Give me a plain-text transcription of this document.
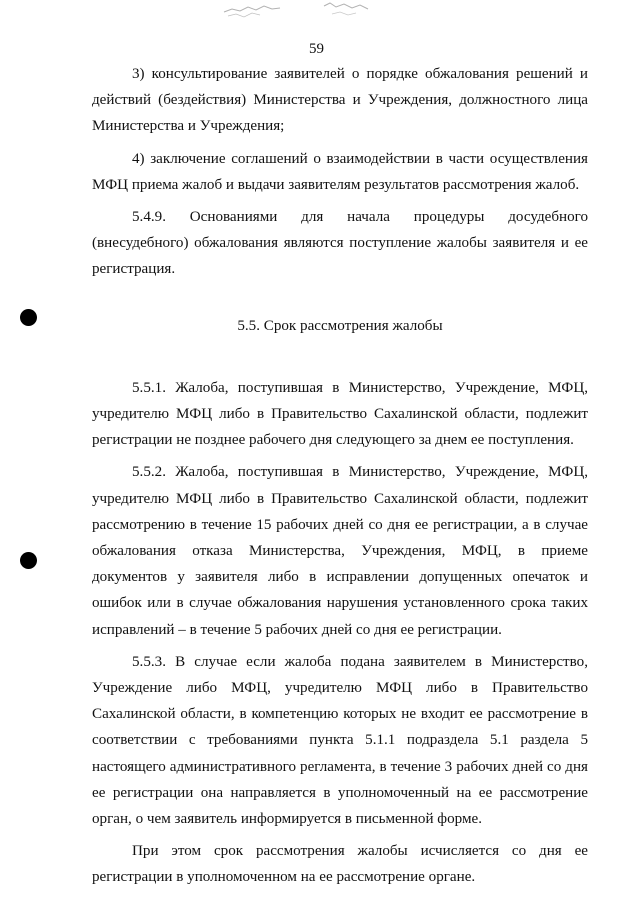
59

3) консультирование заявителей о порядке обжалования решений и действий (бездействия) Министерства и Учреждения, должностного лица Министерства и Учреждения;

4) заключение соглашений о взаимодействии в части осуществления МФЦ приема жалоб и выдачи заявителям результатов рассмотрения жалоб.

5.4.9. Основаниями для начала процедуры досудебного (внесудебного) обжалования являются поступление жалобы заявителя и ее регистрация.

5.5. Срок рассмотрения жалобы

5.5.1. Жалоба, поступившая в Министерство, Учреждение, МФЦ, учредителю МФЦ либо в Правительство Сахалинской области, подлежит регистрации не позднее рабочего дня следующего за днем ее поступления.

5.5.2. Жалоба, поступившая в Министерство, Учреждение, МФЦ, учредителю МФЦ либо в Правительство Сахалинской области, подлежит рассмотрению в течение 15 рабочих дней со дня ее регистрации, а в случае обжалования отказа Министерства, Учреждения, МФЦ, в приеме документов у заявителя либо в исправлении допущенных опечаток и ошибок или в случае обжалования нарушения установленного срока таких исправлений – в течение 5 рабочих дней со дня ее регистрации.

5.5.3. В случае если жалоба подана заявителем в Министерство, Учреждение либо МФЦ, учредителю МФЦ либо в Правительство Сахалинской области, в компетенцию которых не входит ее рассмотрение в соответствии с требованиями пункта 5.1.1 подраздела 5.1 раздела 5 настоящего административного регламента, в течение 3 рабочих дней со дня ее регистрации она направляется в уполномоченный на ее рассмотрение орган, о чем заявитель информируется в письменной форме.

При этом срок рассмотрения жалобы исчисляется со дня ее регистрации в уполномоченном на ее рассмотрение органе.
